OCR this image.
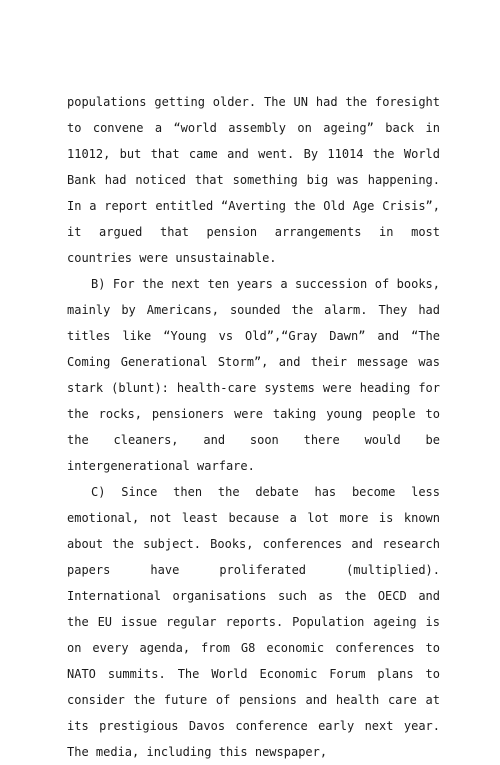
populations getting older. The UN had the foresight to convene a “world assembly on ageing” back in 11012, but that came and went. By 11014 the World Bank had noticed that something big was happening. In a report entitled “Averting the Old Age Crisis”, it argued that pension arrangements in most countries were unsustainable.

B) For the next ten years a succession of books, mainly by Americans, sounded the alarm. They had titles like “Young vs Old”,“Gray Dawn” and “The Coming Generational Storm”, and their message was stark (blunt): health-care systems were heading for the rocks, pensioners were taking young people to the cleaners, and soon there would be intergenerational warfare.

C) Since then the debate has become less emotional, not least because a lot more is known about the subject. Books, conferences and research papers have proliferated (multiplied). International organisations such as the OECD and the EU issue regular reports. Population ageing is on every agenda, from G8 economic conferences to NATO summits. The World Economic Forum plans to consider the future of pensions and health care at its prestigious Davos conference early next year. The media, including this newspaper,
